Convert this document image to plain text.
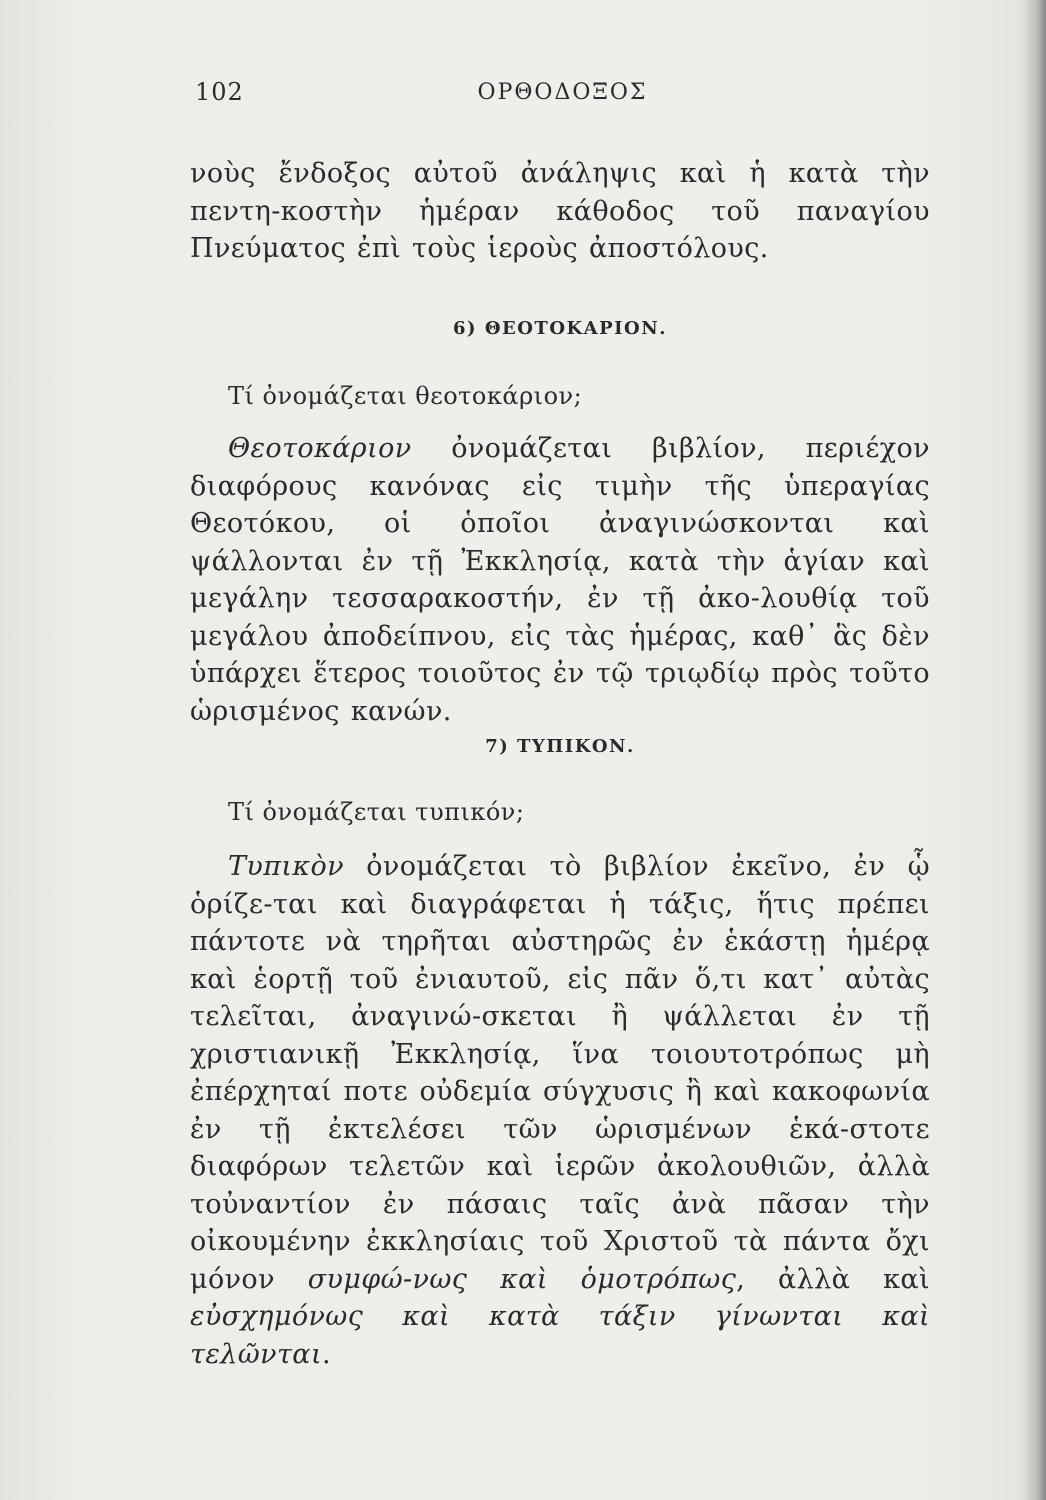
102	ΟΡΘΟΔΟΞΟΣ

νοὺς ἔνδοξος αὐτοῦ ἀνάληψις καὶ ἡ κατὰ τὴν πεντη-κοστὴν ἡμέραν κάθοδος τοῦ παναγίου Πνεύματος ἐπὶ τοὺς ἱεροὺς ἀποστόλους.

6) ΘΕΟΤΟΚΑΡΙΟΝ.

Τί ὀνομάζεται θεοτοκάριον;

Θεοτοκάριον ὀνομάζεται βιβλίον, περιέχον διαφόρους κανόνας εἰς τιμὴν τῆς ὑπεραγίας Θεοτόκου, οἱ ὁποῖοι ἀναγινώσκονται καὶ ψάλλονται ἐν τῇ Ἐκκλησίᾳ, κατὰ τὴν ἁγίαν καὶ μεγάλην τεσσαρακοστήν, ἐν τῇ ἀκο-λουθίᾳ τοῦ μεγάλου ἀποδείπνου, εἰς τὰς ἡμέρας, καθ᾽ ἃς δὲν ὑπάρχει ἕτερος τοιοῦτος ἐν τῷ τριῳδίῳ πρὸς τοῦτο ὡρισμένος κανών.

7) ΤΥΠΙΚΟΝ.

Τί ὀνομάζεται τυπικόν;

Τυπικὸν ὀνομάζεται τὸ βιβλίον ἐκεῖνο, ἐν ᾧ ὁρίζε-ται καὶ διαγράφεται ἡ τάξις, ἥτις πρέπει πάντοτε νὰ τηρῆται αὐστηρῶς ἐν ἑκάστῃ ἡμέρᾳ καὶ ἑορτῇ τοῦ ἐνιαυτοῦ, εἰς πᾶν ὅ,τι κατ᾽ αὐτὰς τελεῖται, ἀναγινώ-σκεται ἢ ψάλλεται ἐν τῇ χριστιανικῇ Ἐκκλησίᾳ, ἵνα τοιουτοτρόπως μὴ ἐπέρχηταί ποτε οὐδεμία σύγχυσις ἢ καὶ κακοφωνία ἐν τῇ ἐκτελέσει τῶν ὡρισμένων ἑκά-στοτε διαφόρων τελετῶν καὶ ἱερῶν ἀκολουθιῶν, ἀλλὰ τοὐναντίον ἐν πάσαις ταῖς ἀνὰ πᾶσαν τὴν οἰκουμένην ἐκκλησίαις τοῦ Χριστοῦ τὰ πάντα ὄχι μόνον συμφώ-νως καὶ ὁμοτρόπως, ἀλλὰ καὶ εὐσχημόνως καὶ κατὰ τάξιν γίνωνται καὶ τελῶνται.
